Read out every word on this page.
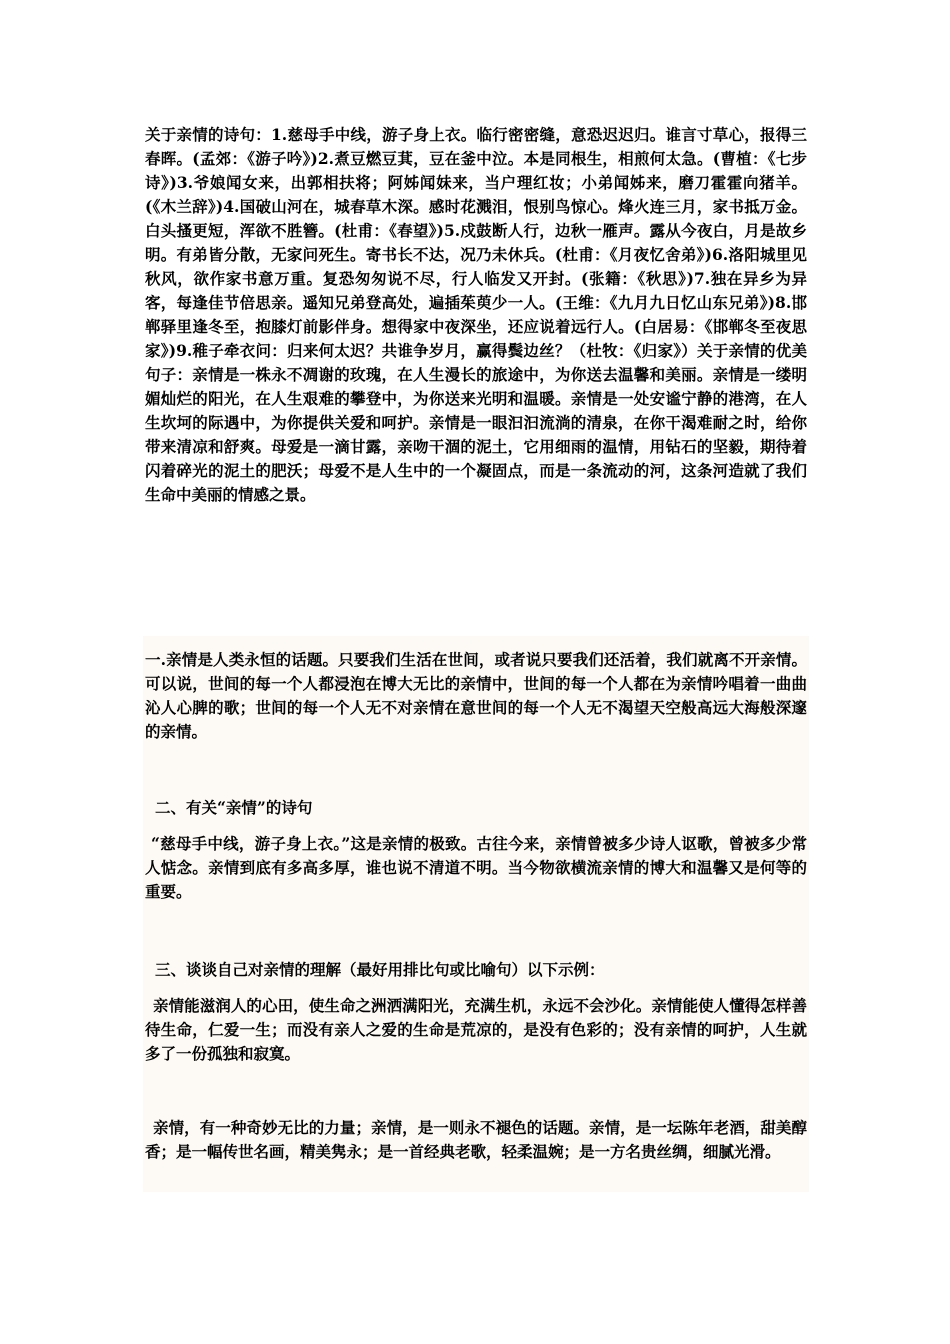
关于亲情的诗句：1.慈母手中线，游子身上衣。临行密密缝，意恐迟迟归。谁言寸草心，报得三春晖。(孟郊：《游子吟》)2.煮豆燃豆萁，豆在釜中泣。本是同根生，相煎何太急。(曹植：《七步诗》)3.爷娘闻女来，出郭相扶将；阿姊闻妹来，当户理红妆；小弟闻姊来，磨刀霍霍向猪羊。(《木兰辞》)4.国破山河在，城春草木深。感时花溅泪，恨别鸟惊心。烽火连三月，家书抵万金。白头搔更短，浑欲不胜簪。(杜甫：《春望》)5.戍鼓断人行，边秋一雁声。露从今夜白，月是故乡明。有弟皆分散，无家问死生。寄书长不达，况乃未休兵。(杜甫：《月夜忆舍弟》)6.洛阳城里见秋风，欲作家书意万重。复恐匆匆说不尽，行人临发又开封。(张籍：《秋思》)7.独在异乡为异客，每逢佳节倍思亲。遥知兄弟登高处，遍插茱萸少一人。(王维：《九月九日忆山东兄弟》)8.邯郸驿里逢冬至，抱膝灯前影伴身。想得家中夜深坐，还应说着远行人。(白居易：《邯郸冬至夜思家》)9.稚子牵衣问：归来何太迟？共谁争岁月，赢得鬓边丝？（杜牧：《归家》）关于亲情的优美句子：亲情是一株永不凋谢的玫瑰，在人生漫长的旅途中，为你送去温馨和美丽。亲情是一缕明媚灿烂的阳光，在人生艰难的攀登中，为你送来光明和温暖。亲情是一处安谧宁静的港湾，在人生坎坷的际遇中，为你提供关爱和呵护。亲情是一眼汩汩流淌的清泉，在你干渴难耐之时，给你带来清凉和舒爽。母爱是一滴甘露，亲吻干涸的泥土，它用细雨的温情，用钻石的坚毅，期待着闪着碎光的泥土的肥沃；母爱不是人生中的一个凝固点，而是一条流动的河，这条河造就了我们生命中美丽的情感之景。

一.亲情是人类永恒的话题。只要我们生活在世间，或者说只要我们还活着，我们就离不开亲情。可以说，世间的每一个人都浸泡在博大无比的亲情中，世间的每一个人都在为亲情吟唱着一曲曲沁人心脾的歌；世间的每一个人无不对亲情在意世间的每一个人无不渴望天空般高远大海般深邃的亲情。

二、有关“亲情”的诗句

“慈母手中线，游子身上衣。”这是亲情的极致。古往今来，亲情曾被多少诗人讴歌，曾被多少常人惦念。亲情到底有多高多厚，谁也说不清道不明。当今物欲横流亲情的博大和温馨又是何等的重要。

三、谈谈自己对亲情的理解（最好用排比句或比喻句）以下示例：

亲情能滋润人的心田，使生命之洲洒满阳光，充满生机，永远不会沙化。亲情能使人懂得怎样善待生命，仁爱一生；而没有亲人之爱的生命是荒凉的，是没有色彩的；没有亲情的呵护，人生就多了一份孤独和寂寞。

亲情，有一种奇妙无比的力量；亲情，是一则永不褪色的话题。亲情，是一坛陈年老酒，甜美醇香；是一幅传世名画，精美隽永；是一首经典老歌，轻柔温婉；是一方名贵丝绸，细腻光滑。
